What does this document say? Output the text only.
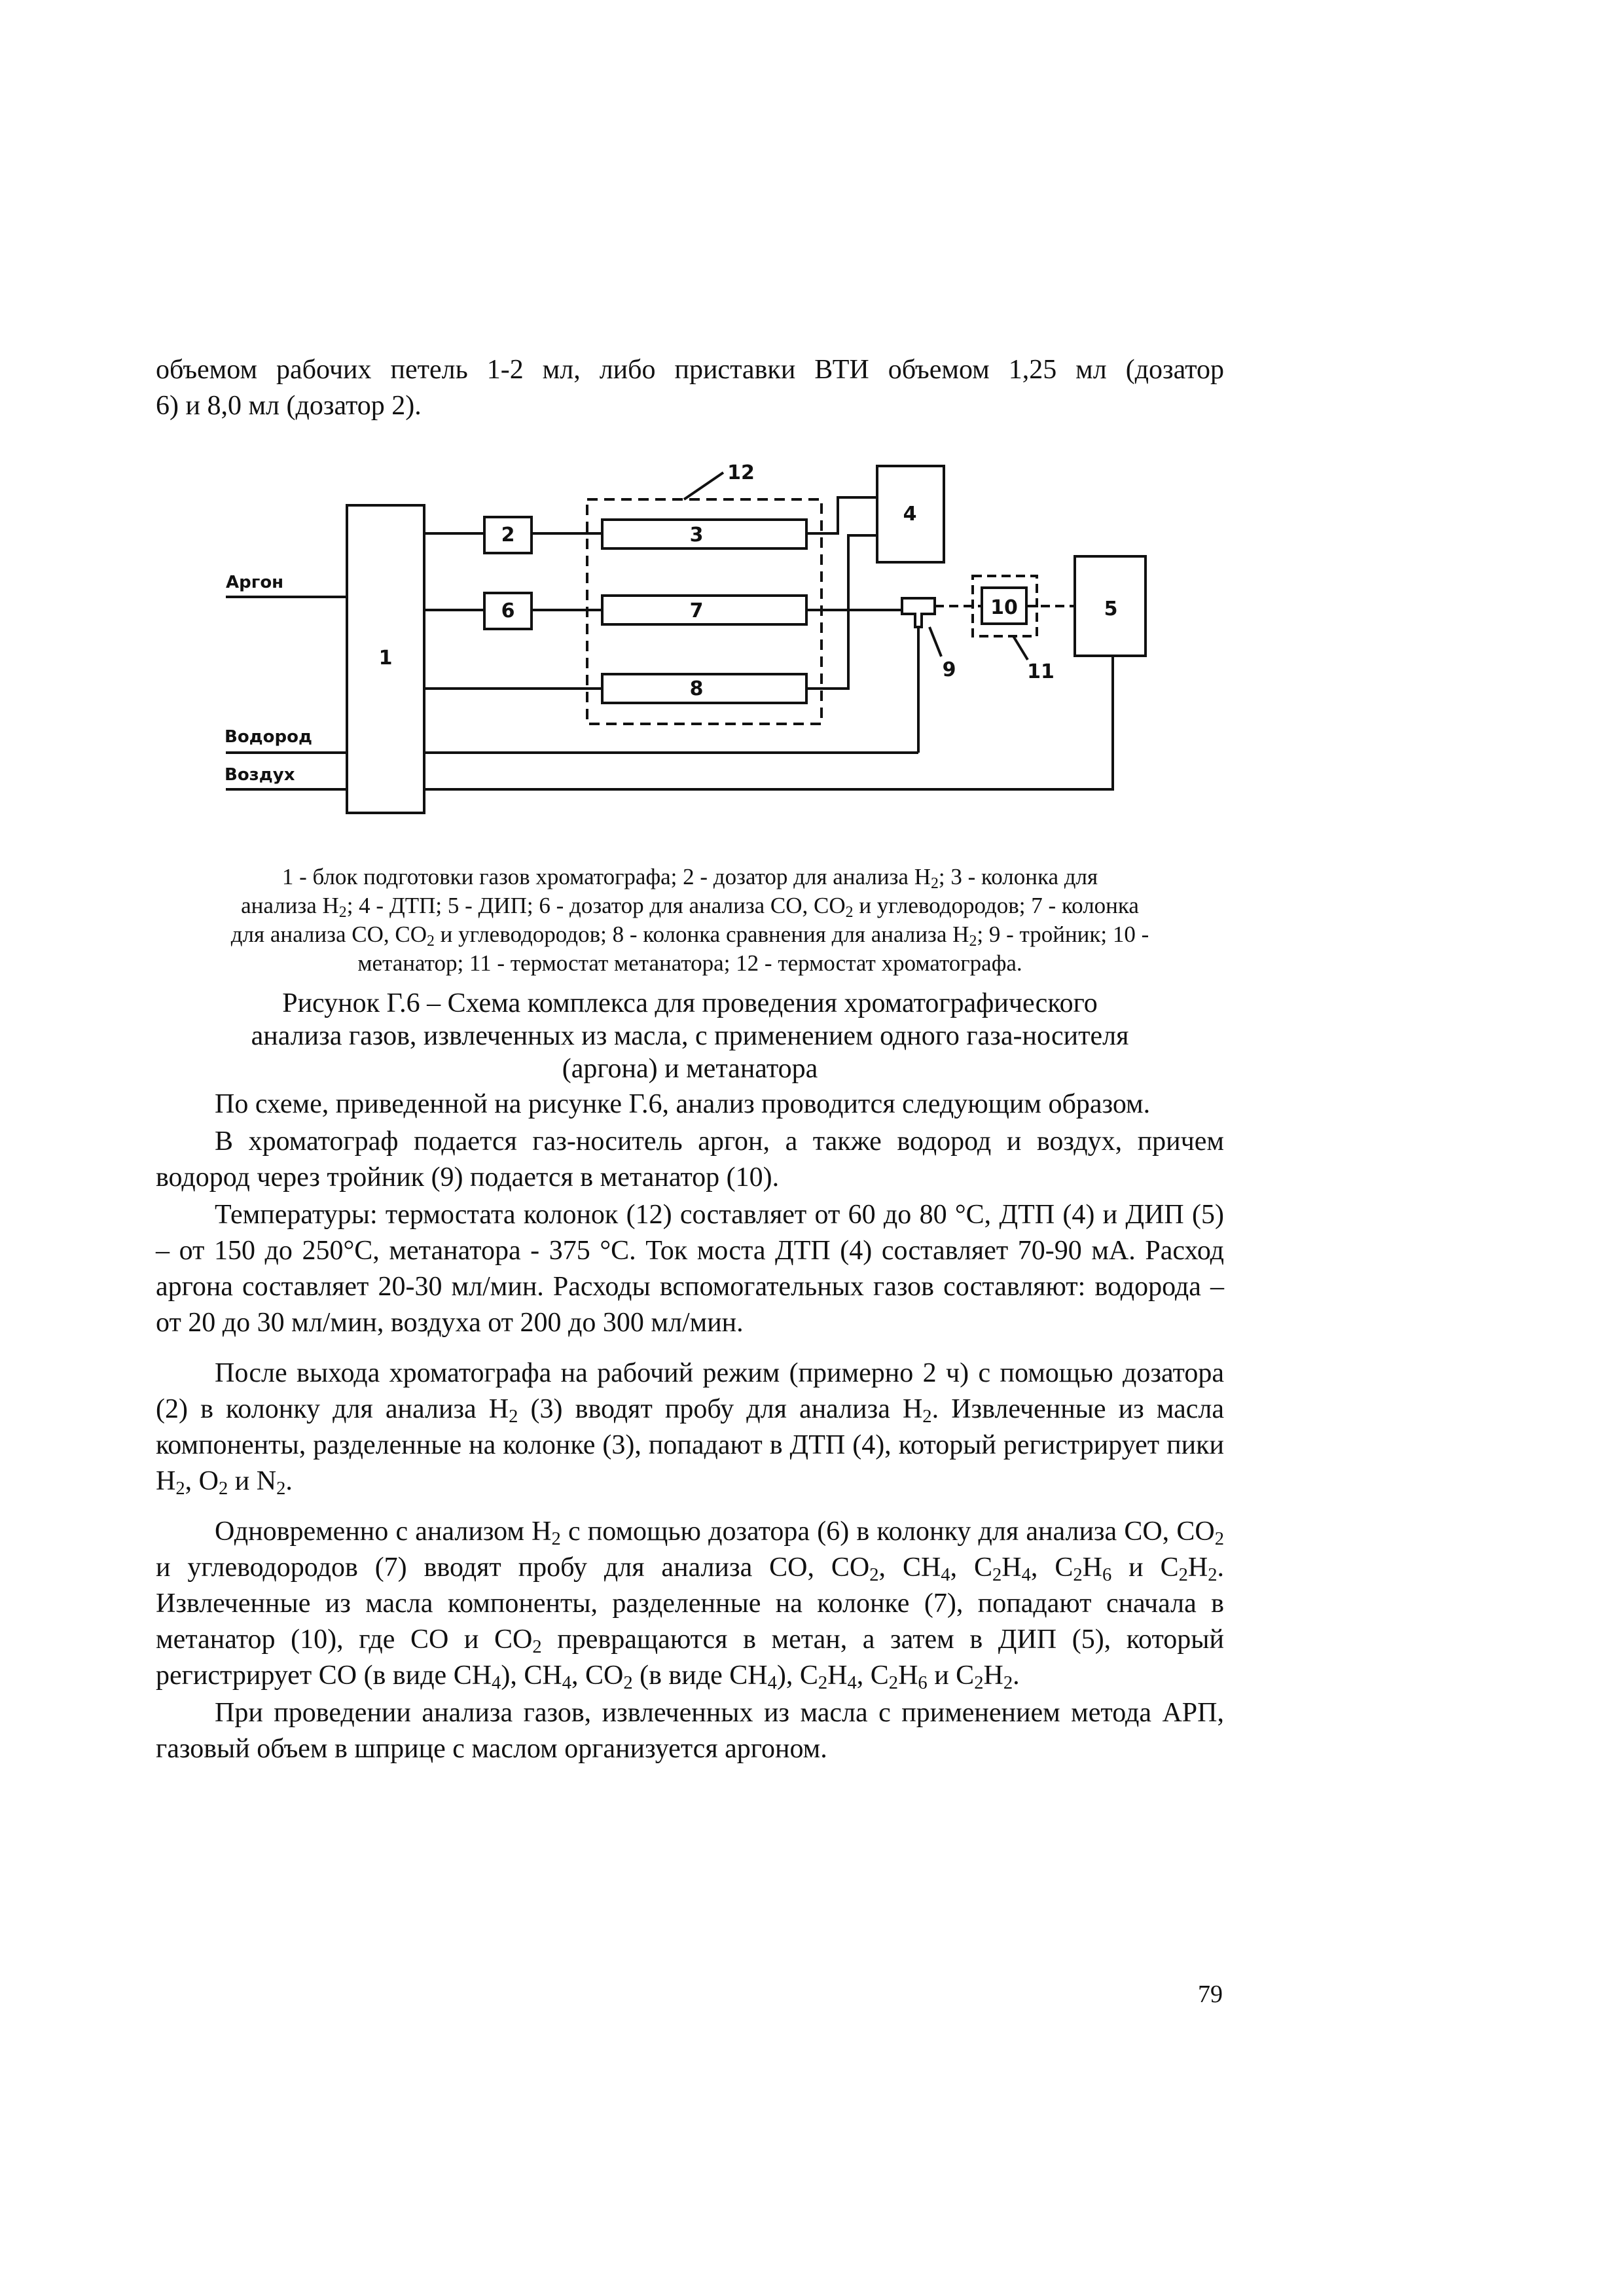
объемом рабочих петель 1-2 мл, либо приставки ВТИ объемом 1,25 мл (дозатор

6) и 8,0 мл (дозатор 2).

Аргон
Водород
Воздух
1
2
6
3
7
8
12
4
10	5
9	11
1 - блок подготовки газов хроматографа; 2 - дозатор для анализа $Н_2$; 3 - колонка для
анализа $Н_2$; 4 - ДТП; 5 - ДИП; 6 - дозатор для анализа СО, $СО_2$ и углеводородов; 7 - колонка
для анализа СО, $СО_2$ и углеводородов; 8 - колонка сравнения для анализа $Н_2$; 9 - тройник; 10 -
метанатор; 11 - термостат метанатора; 12 - термостат хроматографа.
Рисунок Г.6 – Схема комплекса для проведения хроматографического
анализа газов, извлеченных из масла, с применением одного газа-носителя
(аргона) и метанатора

По схеме, приведенной на рисунке Г.6, анализ проводится следующим образом.

В хроматограф подается газ-носитель аргон, а также водород и воздух, причем водород через тройник (9) подается в метанатор (10).

Температуры: термостата колонок (12) составляет от 60 до 80 °С, ДТП (4) и ДИП (5) – от 150 до 250°С, метанатора - 375 °С. Ток моста ДТП (4) составляет 70-90 мА. Расход аргона составляет 20-30 мл/мин. Расходы вспомогательных газов составляют: водорода – от 20 до 30 мл/мин, воздуха от 200 до 300 мл/мин.

После выхода хроматографа на рабочий режим (примерно 2 ч) с помощью дозатора (2) в колонку для анализа $Н_2$ (3) вводят пробу для анализа $Н_2$. Извлеченные из масла компоненты, разделенные на колонке (3), попадают в ДТП (4), который регистрирует пики $Н_2$, $О_2$ и $N_2$.

Одновременно с анализом $Н_2$ с помощью дозатора (6) в колонку для анализа СО, $СО_2$ и углеводородов (7) вводят пробу для анализа СО, $СО_2$, $СН_4$, $С_2Н_4$, $С_2Н_6$ и $С_2Н_2$. Извлеченные из масла компоненты, разделенные на колонке (7), попадают сначала в метанатор (10), где СО и $СО_2$ превращаются в метан, а затем в ДИП (5), который регистрирует СО (в виде $СН_4$), $СН_4$, $СО_2$ (в виде $СН_4$), $С_2Н_4$, $С_2Н_6$ и $С_2Н_2$.

При проведении анализа газов, извлеченных из масла с применением метода АРП, газовый объем в шприце с маслом организуется аргоном.

79
